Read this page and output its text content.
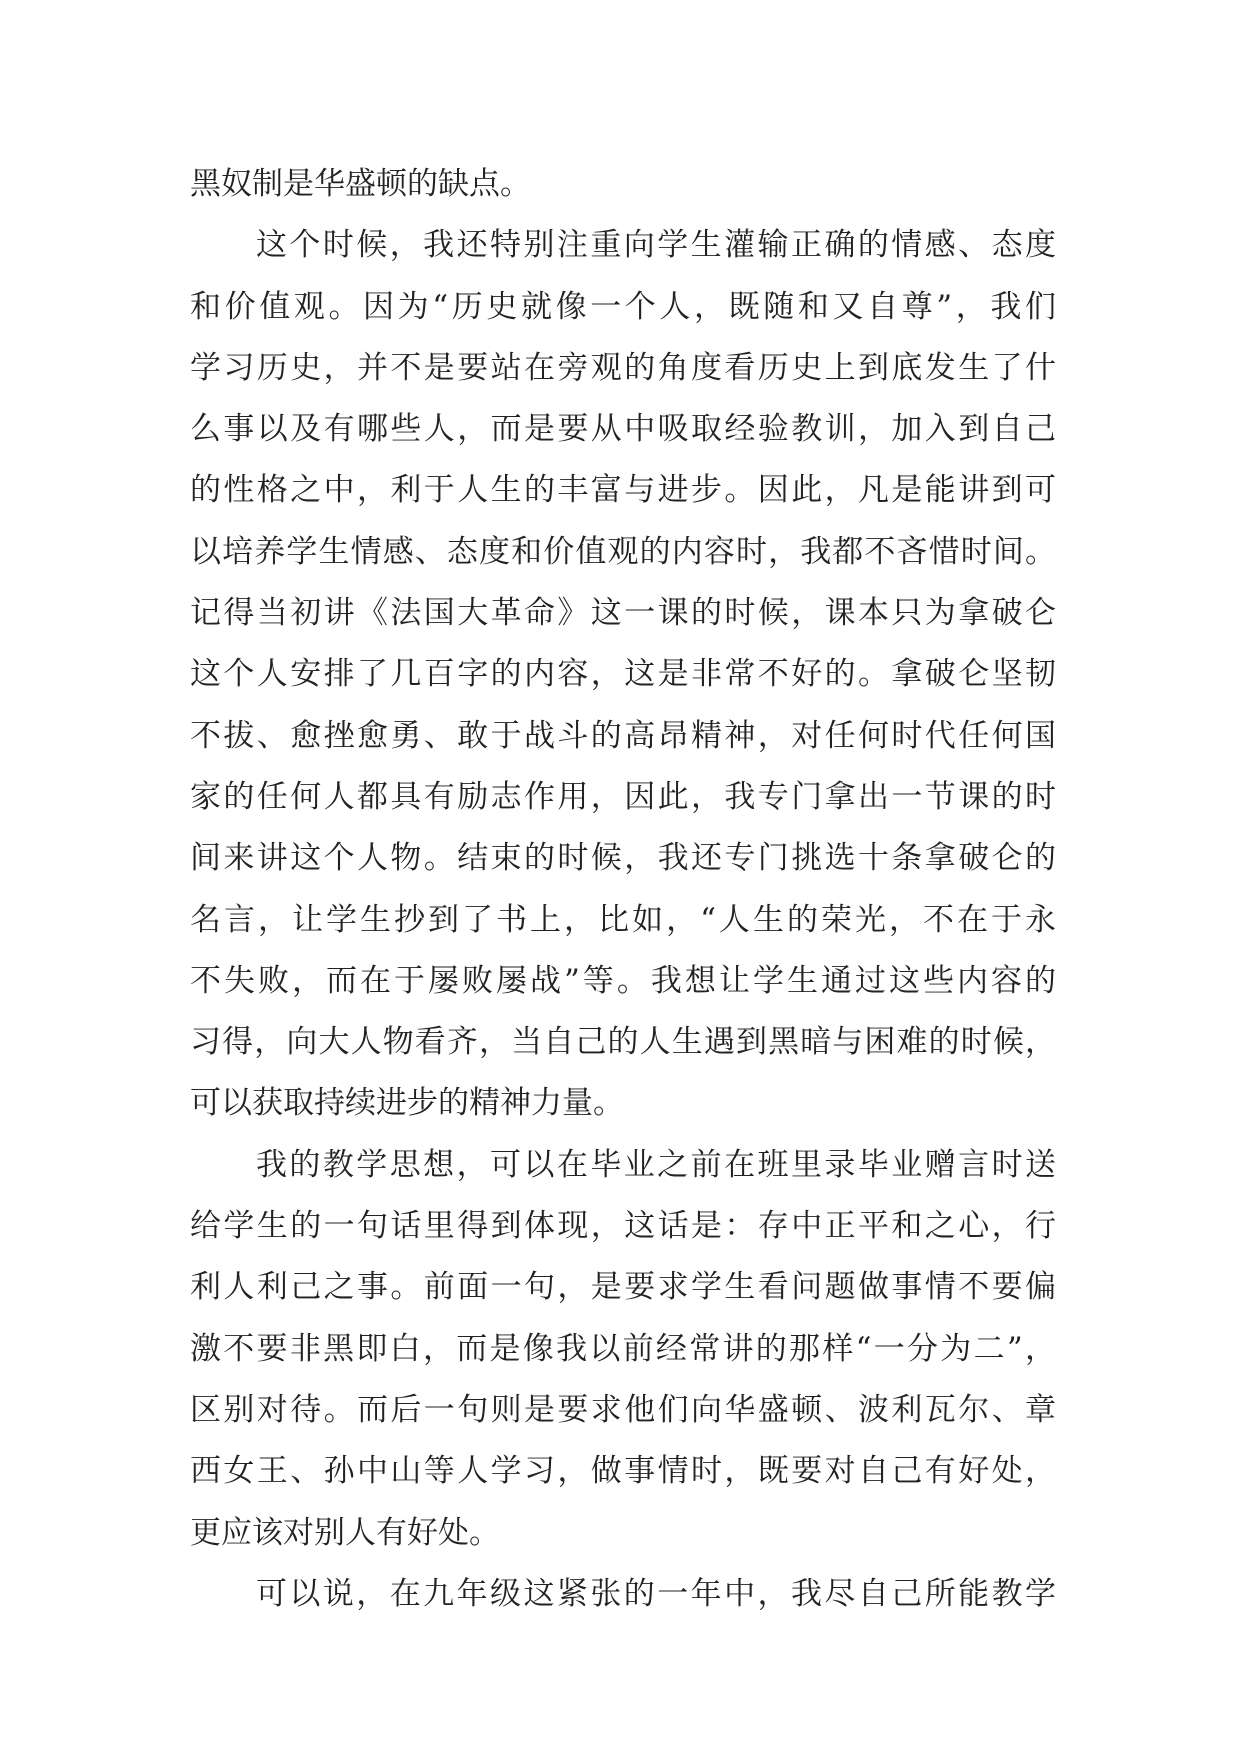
黑奴制是华盛顿的缺点。
这个时候，我还特别注重向学生灌输正确的情感、态度
和价值观。因为“历史就像一个人，既随和又自尊”，我们
学习历史，并不是要站在旁观的角度看历史上到底发生了什
么事以及有哪些人，而是要从中吸取经验教训，加入到自己
的性格之中，利于人生的丰富与进步。因此，凡是能讲到可
以培养学生情感、态度和价值观的内容时，我都不吝惜时间。
记得当初讲《法国大革命》这一课的时候，课本只为拿破仑
这个人安排了几百字的内容，这是非常不好的。拿破仑坚韧
不拔、愈挫愈勇、敢于战斗的高昂精神，对任何时代任何国
家的任何人都具有励志作用，因此，我专门拿出一节课的时
间来讲这个人物。结束的时候，我还专门挑选十条拿破仑的
名言，让学生抄到了书上，比如，“人生的荣光，不在于永
不失败，而在于屡败屡战”等。我想让学生通过这些内容的
习得，向大人物看齐，当自己的人生遇到黑暗与困难的时候，
可以获取持续进步的精神力量。
我的教学思想，可以在毕业之前在班里录毕业赠言时送
给学生的一句话里得到体现，这话是：存中正平和之心，行
利人利己之事。前面一句，是要求学生看问题做事情不要偏
激不要非黑即白，而是像我以前经常讲的那样“一分为二”，
区别对待。而后一句则是要求他们向华盛顿、波利瓦尔、章
西女王、孙中山等人学习，做事情时，既要对自己有好处，
更应该对别人有好处。
可以说，在九年级这紧张的一年中，我尽自己所能教学
